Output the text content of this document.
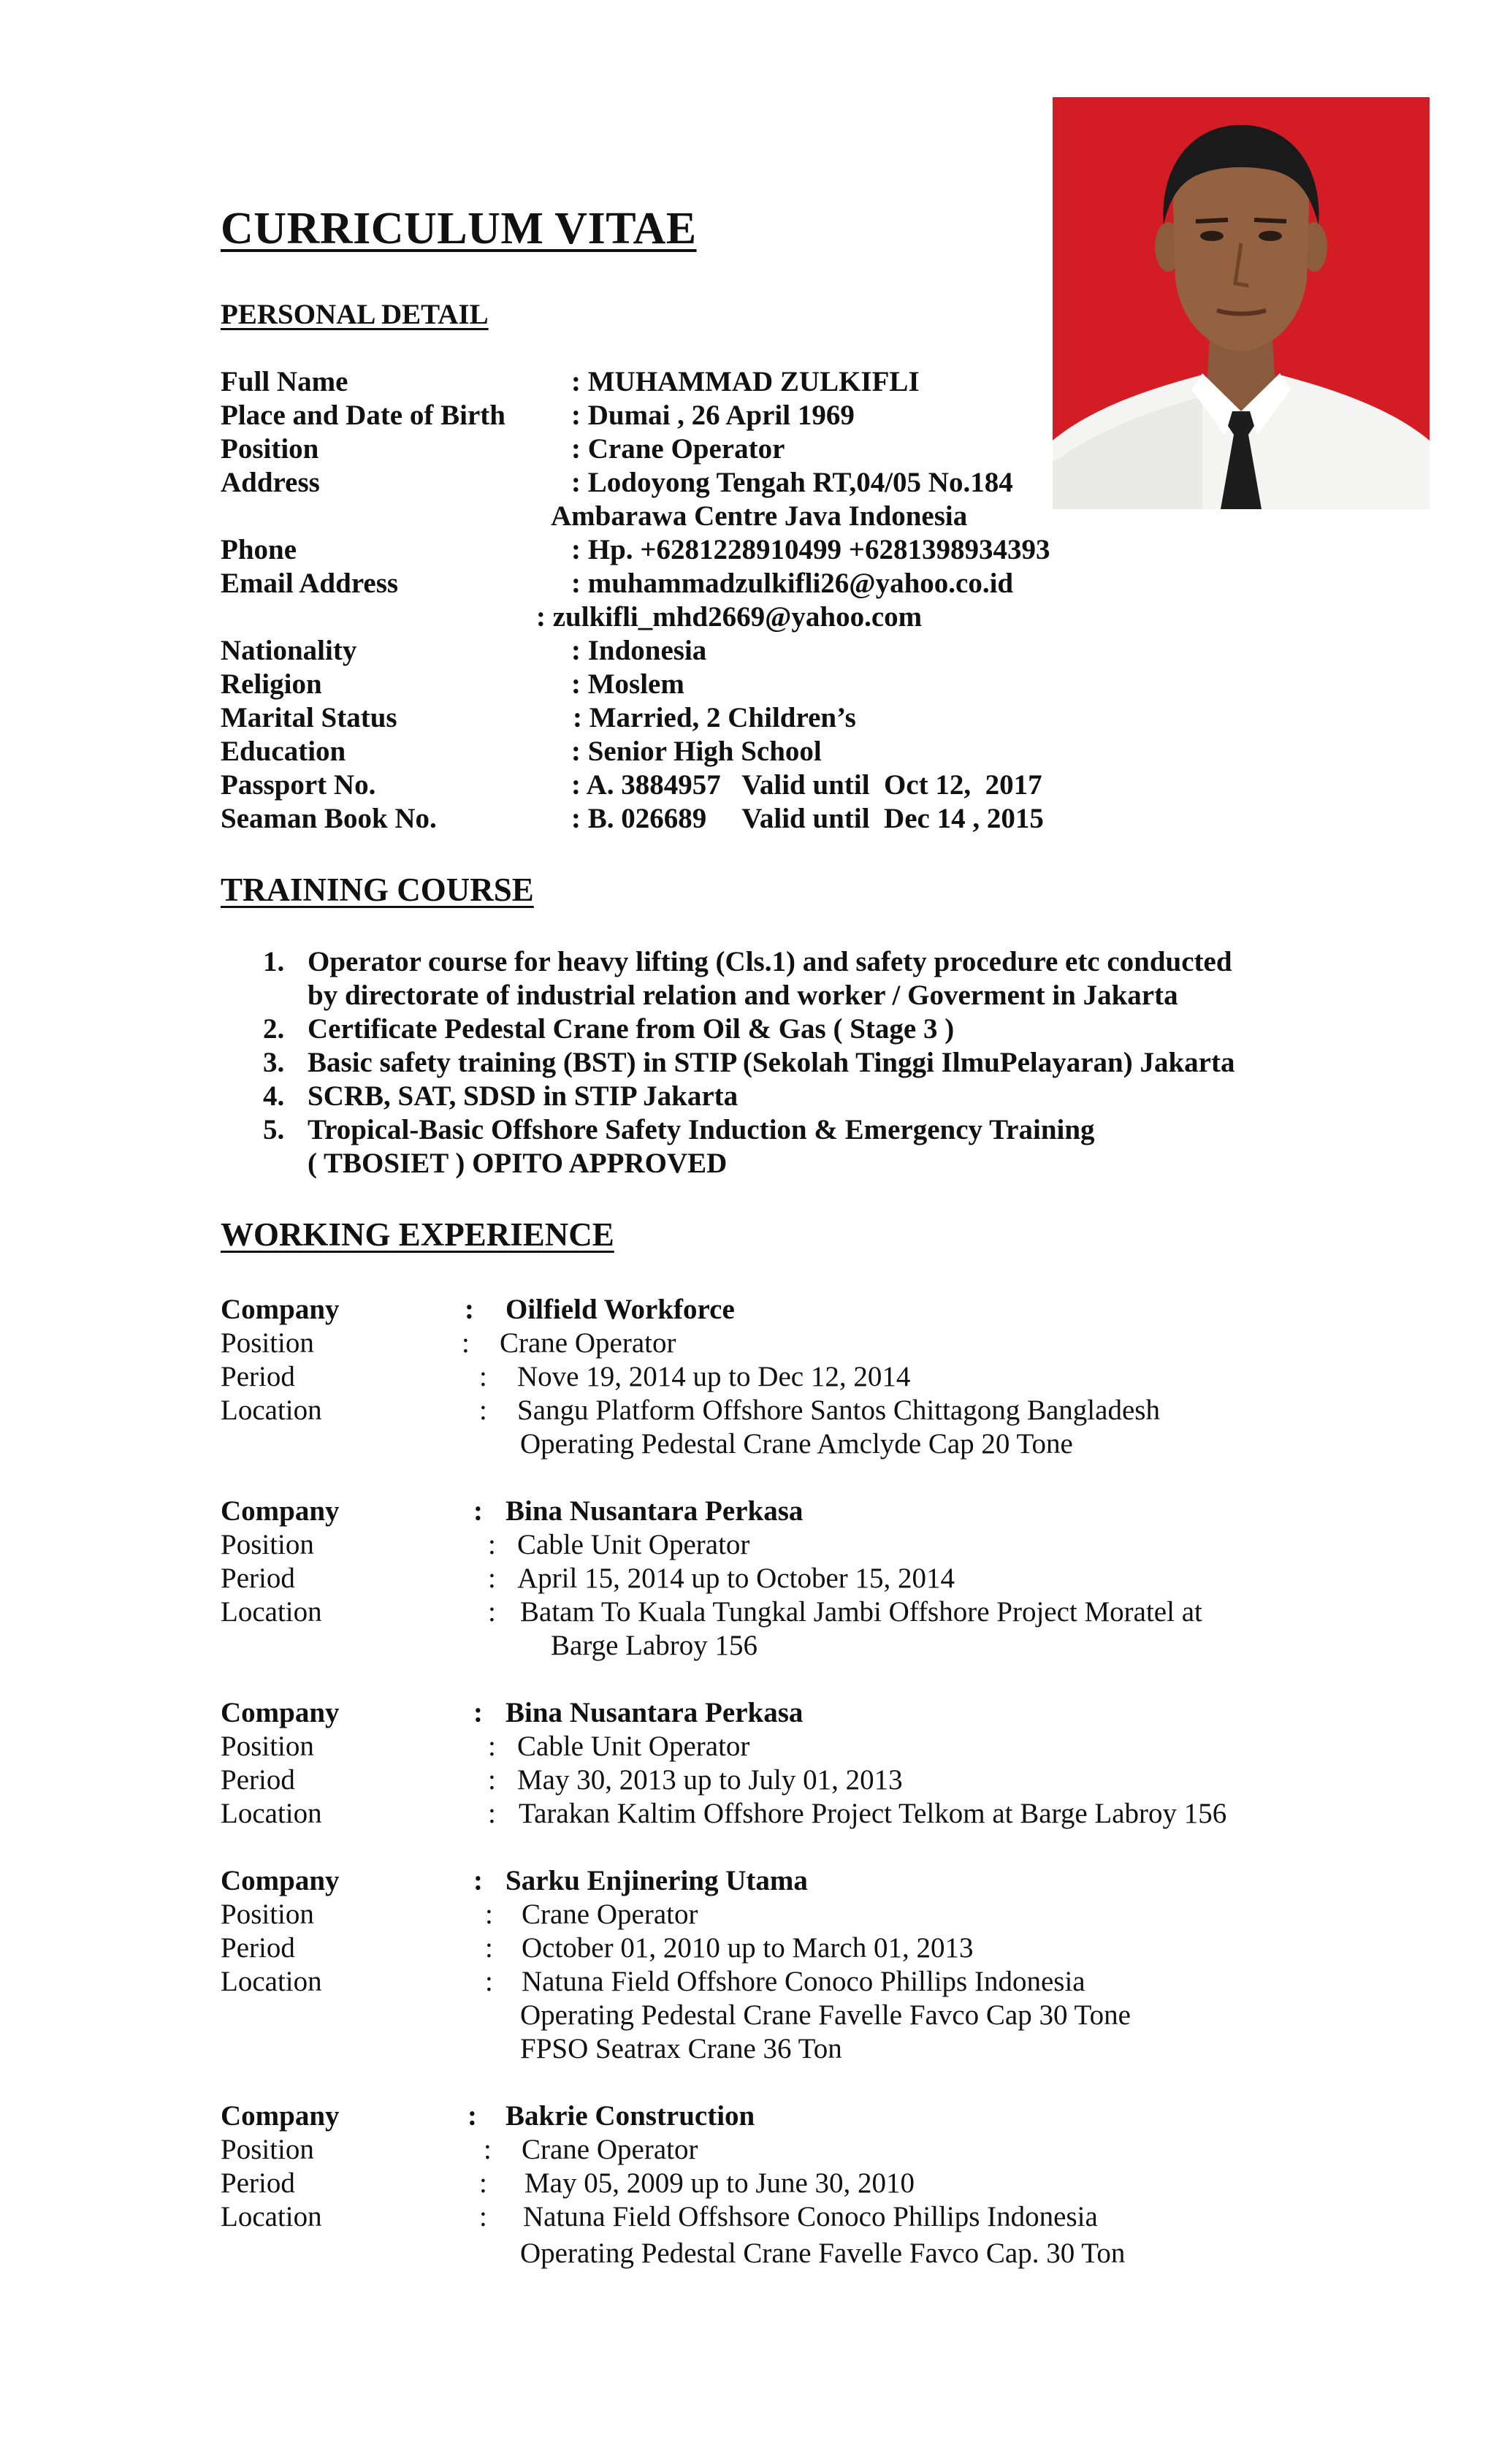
CURRICULUM VITAE
PERSONAL DETAIL
Full Name	: MUHAMMAD ZULKIFLI
Place and Date of Birth : Dumai , 26 April 1969
Position	: Crane Operator
Address	: Lodoyong Tengah RT,04/05 No.184
Ambarawa Centre Java Indonesia
Phone	: Hp. +6281228910499 +6281398934393
Email Address	: muhammadzulkifli26@yahoo.co.id
: zulkifli_mhd2669@yahoo.com
Nationality	: Indonesia
Religion	: Moslem
Marital Status	: Married, 2 Children’s
Education	: Senior High School
Passport No.	: A. 3884957   Valid until  Oct 12,  2017
Seaman Book No.	: B. 026689     Valid until  Dec 14 , 2015
TRAINING COURSE
1. Operator course for heavy lifting (Cls.1) and safety procedure etc conducted
by directorate of industrial relation and worker / Goverment in Jakarta
2. Certificate Pedestal Crane from Oil & Gas ( Stage 3 )
3. Basic safety training (BST) in STIP (Sekolah Tinggi IlmuPelayaran) Jakarta
4. SCRB, SAT, SDSD in STIP Jakarta
5. Tropical-Basic Offshore Safety Induction & Emergency Training
( TBOSIET ) OPITO APPROVED
WORKING EXPERIENCE
Company	: Oilfield Workforce
Position	: Crane Operator
Period	: Nove 19, 2014 up to Dec 12, 2014
Location	: Sangu Platform Offshore Santos Chittagong Bangladesh
Operating Pedestal Crane Amclyde Cap 20 Tone
Company	: Bina Nusantara Perkasa
Position	: Cable Unit Operator
Period	: April 15, 2014 up to October 15, 2014
Location	: Batam To Kuala Tungkal Jambi Offshore Project Moratel at
Barge Labroy 156
Company	: Bina Nusantara Perkasa
Position	: Cable Unit Operator
Period	: May 30, 2013 up to July 01, 2013
Location	: Tarakan Kaltim Offshore Project Telkom at Barge Labroy 156
Company	: Sarku Enjinering Utama
Position	: Crane Operator
Period	: October 01, 2010 up to March 01, 2013
Location	: Natuna Field Offshore Conoco Phillips Indonesia
Operating Pedestal Crane Favelle Favco Cap 30 Tone
FPSO Seatrax Crane 36 Ton
Company	: Bakrie Construction
Position	: Crane Operator
Period	: May 05, 2009 up to June 30, 2010
Location	: Natuna Field Offshsore Conoco Phillips Indonesia
Operating Pedestal Crane Favelle Favco Cap. 30 Ton
